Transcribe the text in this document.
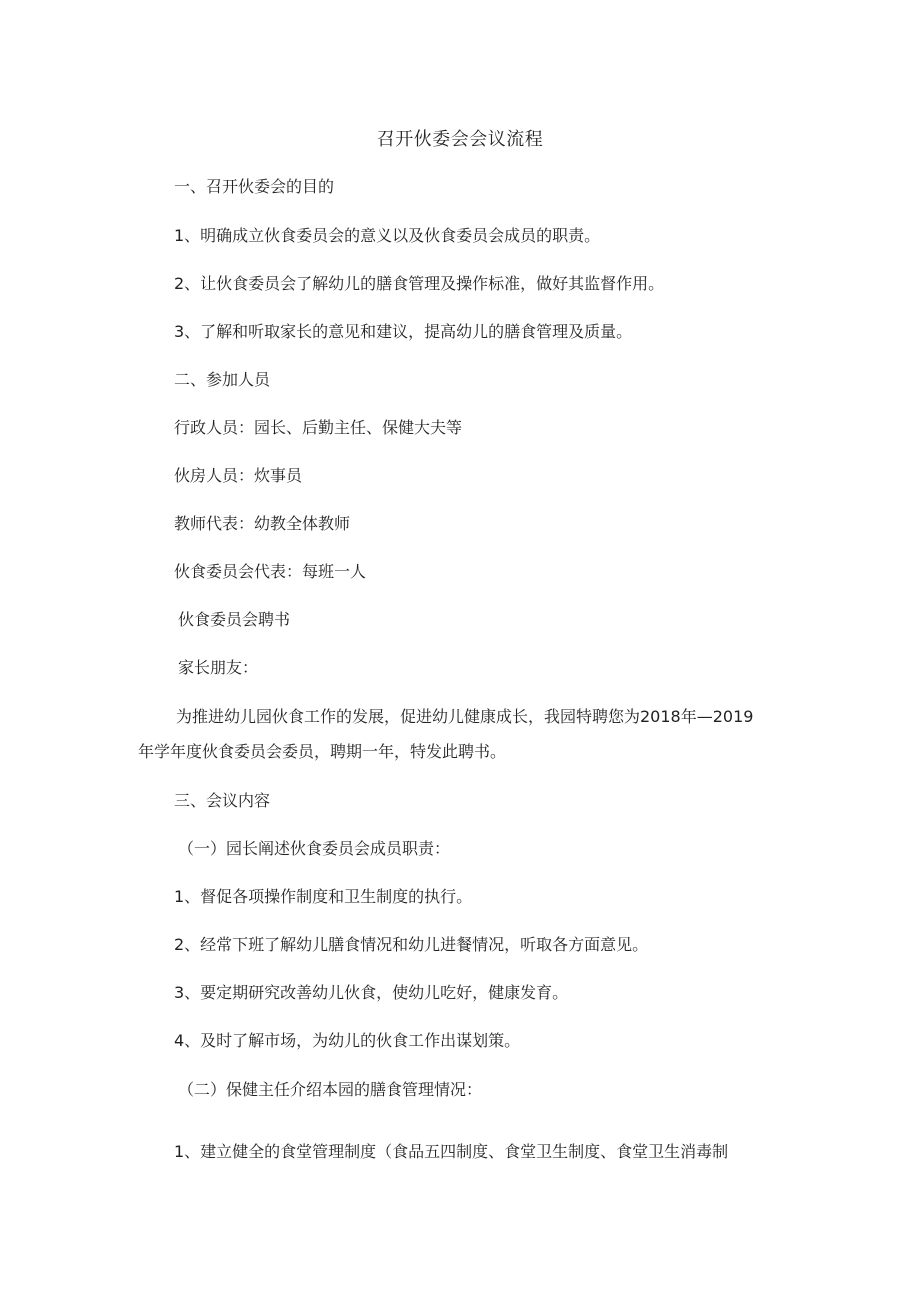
召开伙委会会议流程
一、召开伙委会的目的
1、明确成立伙食委员会的意义以及伙食委员会成员的职责。
2、让伙食委员会了解幼儿的膳食管理及操作标准，做好其监督作用。
3、了解和听取家长的意见和建议，提高幼儿的膳食管理及质量。
二、参加人员
行政人员：园长、后勤主任、保健大夫等
伙房人员：炊事员
教师代表：幼教全体教师
伙食委员会代表：每班一人
伙食委员会聘书
家长朋友：
为推进幼儿园伙食工作的发展，促进幼儿健康成长，我园特聘您为2018年—2019
年学年度伙食委员会委员，聘期一年，特发此聘书。
三、会议内容
（一）园长阐述伙食委员会成员职责：
1、督促各项操作制度和卫生制度的执行。
2、经常下班了解幼儿膳食情况和幼儿进餐情况，听取各方面意见。
3、要定期研究改善幼儿伙食，使幼儿吃好，健康发育。
4、及时了解市场，为幼儿的伙食工作出谋划策。
（二）保健主任介绍本园的膳食管理情况：
1、建立健全的食堂管理制度（食品五四制度、食堂卫生制度、食堂卫生消毒制
